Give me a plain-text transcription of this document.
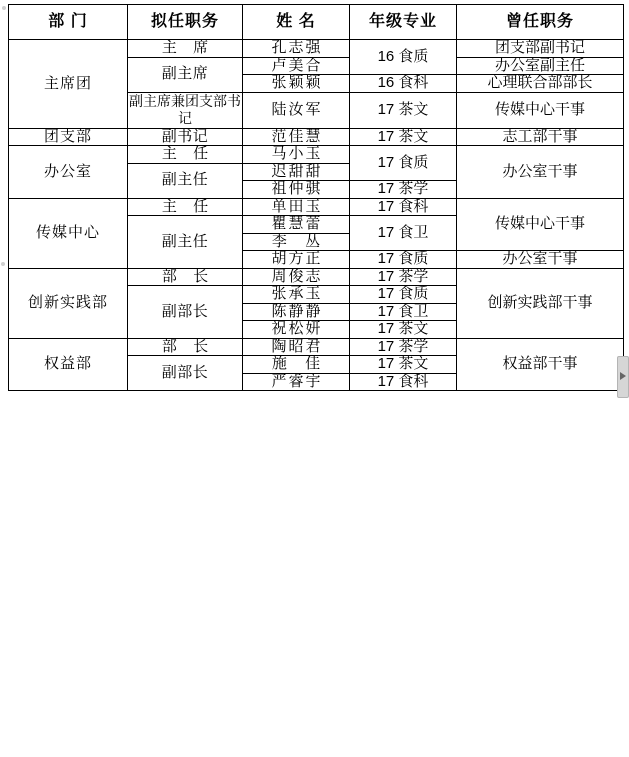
部 门	拟任职务	姓 名	年级专业	曾任职务
主席团	主 席	孔志强	16 食质	团支部副书记
	副主席	卢美合		办公室副主任
		张颖颖	16 食科	心理联合部部长
	副主席兼团支部书记	陆汝军	17 茶文	传媒中心干事
团支部	副书记	范佳慧	17 茶文	志工部干事
办公室	主 任	马小玉	17 食质	办公室干事
	副主任	迟甜甜		
		祖仲骐	17 茶学	
传媒中心	主 任	单田玉	17 食科	传媒中心干事
	副主任	瞿慧蕾	17 食卫	
		李 丛		
		胡方正	17 食质	办公室干事
创新实践部	部 长	周俊志	17 茶学	创新实践部干事
	副部长	张承玉	17 食质	
		陈静静	17 食卫	
		祝松妍	17 茶文	
权益部	部 长	陶昭君	17 茶学	权益部干事
	副部长	施 佳	17 茶文	
		严睿宇	17 食科	
